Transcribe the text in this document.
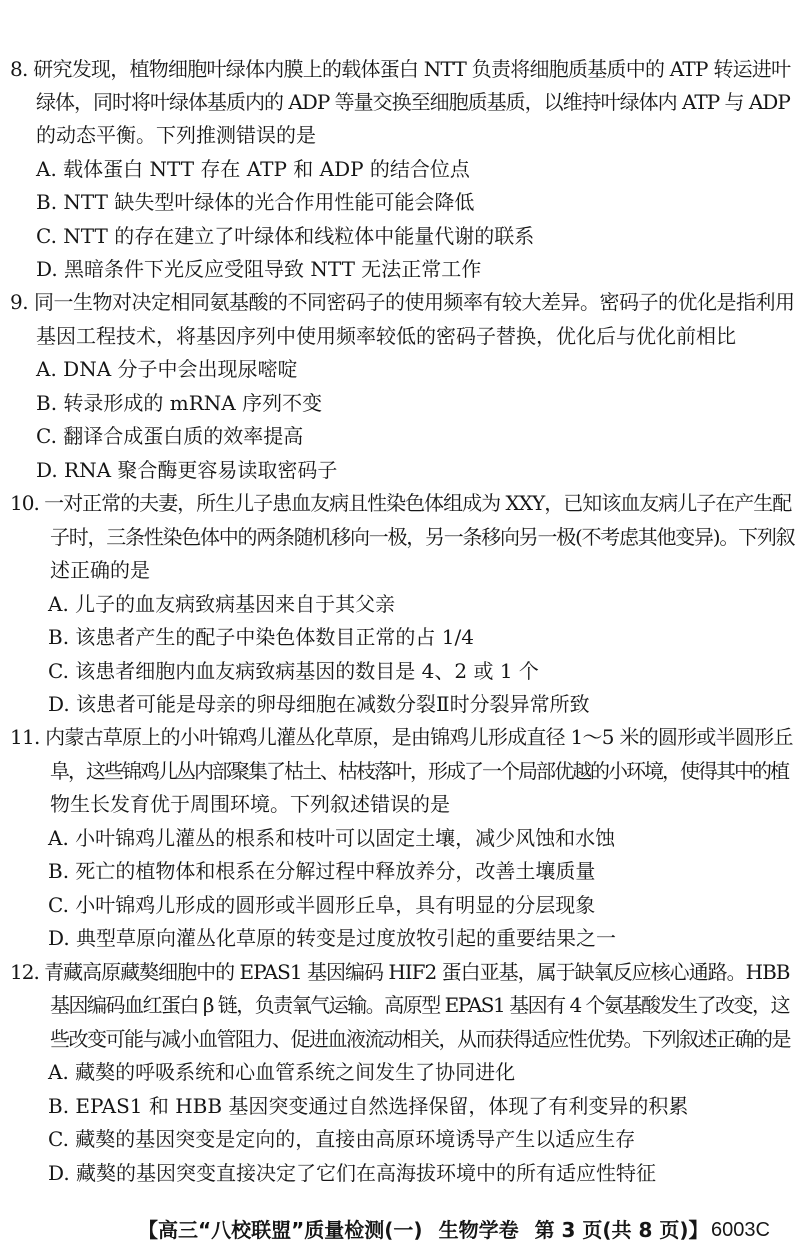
8. 研究发现，植物细胞叶绿体内膜上的载体蛋白 NTT 负责将细胞质基质中的 ATP 转运进叶
绿体，同时将叶绿体基质内的 ADP 等量交换至细胞质基质，以维持叶绿体内 ATP 与 ADP
的动态平衡。下列推测错误的是
A. 载体蛋白 NTT 存在 ATP 和 ADP 的结合位点
B. NTT 缺失型叶绿体的光合作用性能可能会降低
C. NTT 的存在建立了叶绿体和线粒体中能量代谢的联系
D. 黑暗条件下光反应受阻导致 NTT 无法正常工作
9. 同一生物对决定相同氨基酸的不同密码子的使用频率有较大差异。密码子的优化是指利用
基因工程技术，将基因序列中使用频率较低的密码子替换，优化后与优化前相比
A. DNA 分子中会出现尿嘧啶
B. 转录形成的 mRNA 序列不变
C. 翻译合成蛋白质的效率提高
D. RNA 聚合酶更容易读取密码子
10. 一对正常的夫妻，所生儿子患血友病且性染色体组成为 XXY，已知该血友病儿子在产生配
子时，三条性染色体中的两条随机移向一极，另一条移向另一极(不考虑其他变异)。下列叙
述正确的是
A. 儿子的血友病致病基因来自于其父亲
B. 该患者产生的配子中染色体数目正常的占 1/4
C. 该患者细胞内血友病致病基因的数目是 4、2 或 1 个
D. 该患者可能是母亲的卵母细胞在减数分裂Ⅱ时分裂异常所致
11. 内蒙古草原上的小叶锦鸡儿灌丛化草原，是由锦鸡儿形成直径 1～5 米的圆形或半圆形丘
阜，这些锦鸡儿丛内部聚集了枯土、枯枝落叶，形成了一个局部优越的小环境，使得其中的植
物生长发育优于周围环境。下列叙述错误的是
A. 小叶锦鸡儿灌丛的根系和枝叶可以固定土壤，减少风蚀和水蚀
B. 死亡的植物体和根系在分解过程中释放养分，改善土壤质量
C. 小叶锦鸡儿形成的圆形或半圆形丘阜，具有明显的分层现象
D. 典型草原向灌丛化草原的转变是过度放牧引起的重要结果之一
12. 青藏高原藏獒细胞中的 EPAS1 基因编码 HIF2 蛋白亚基，属于缺氧反应核心通路。HBB
基因编码血红蛋白 β 链，负责氧气运输。高原型 EPAS1 基因有 4 个氨基酸发生了改变，这
些改变可能与减小血管阻力、促进血液流动相关，从而获得适应性优势。下列叙述正确的是
A. 藏獒的呼吸系统和心血管系统之间发生了协同进化
B. EPAS1 和 HBB 基因突变通过自然选择保留，体现了有利变异的积累
C. 藏獒的基因突变是定向的，直接由高原环境诱导产生以适应生存
D. 藏獒的基因突变直接决定了它们在高海拔环境中的所有适应性特征
【高三“八校联盟”质量检测(一) 生物学卷 第 3 页(共 8 页)】 6003C
